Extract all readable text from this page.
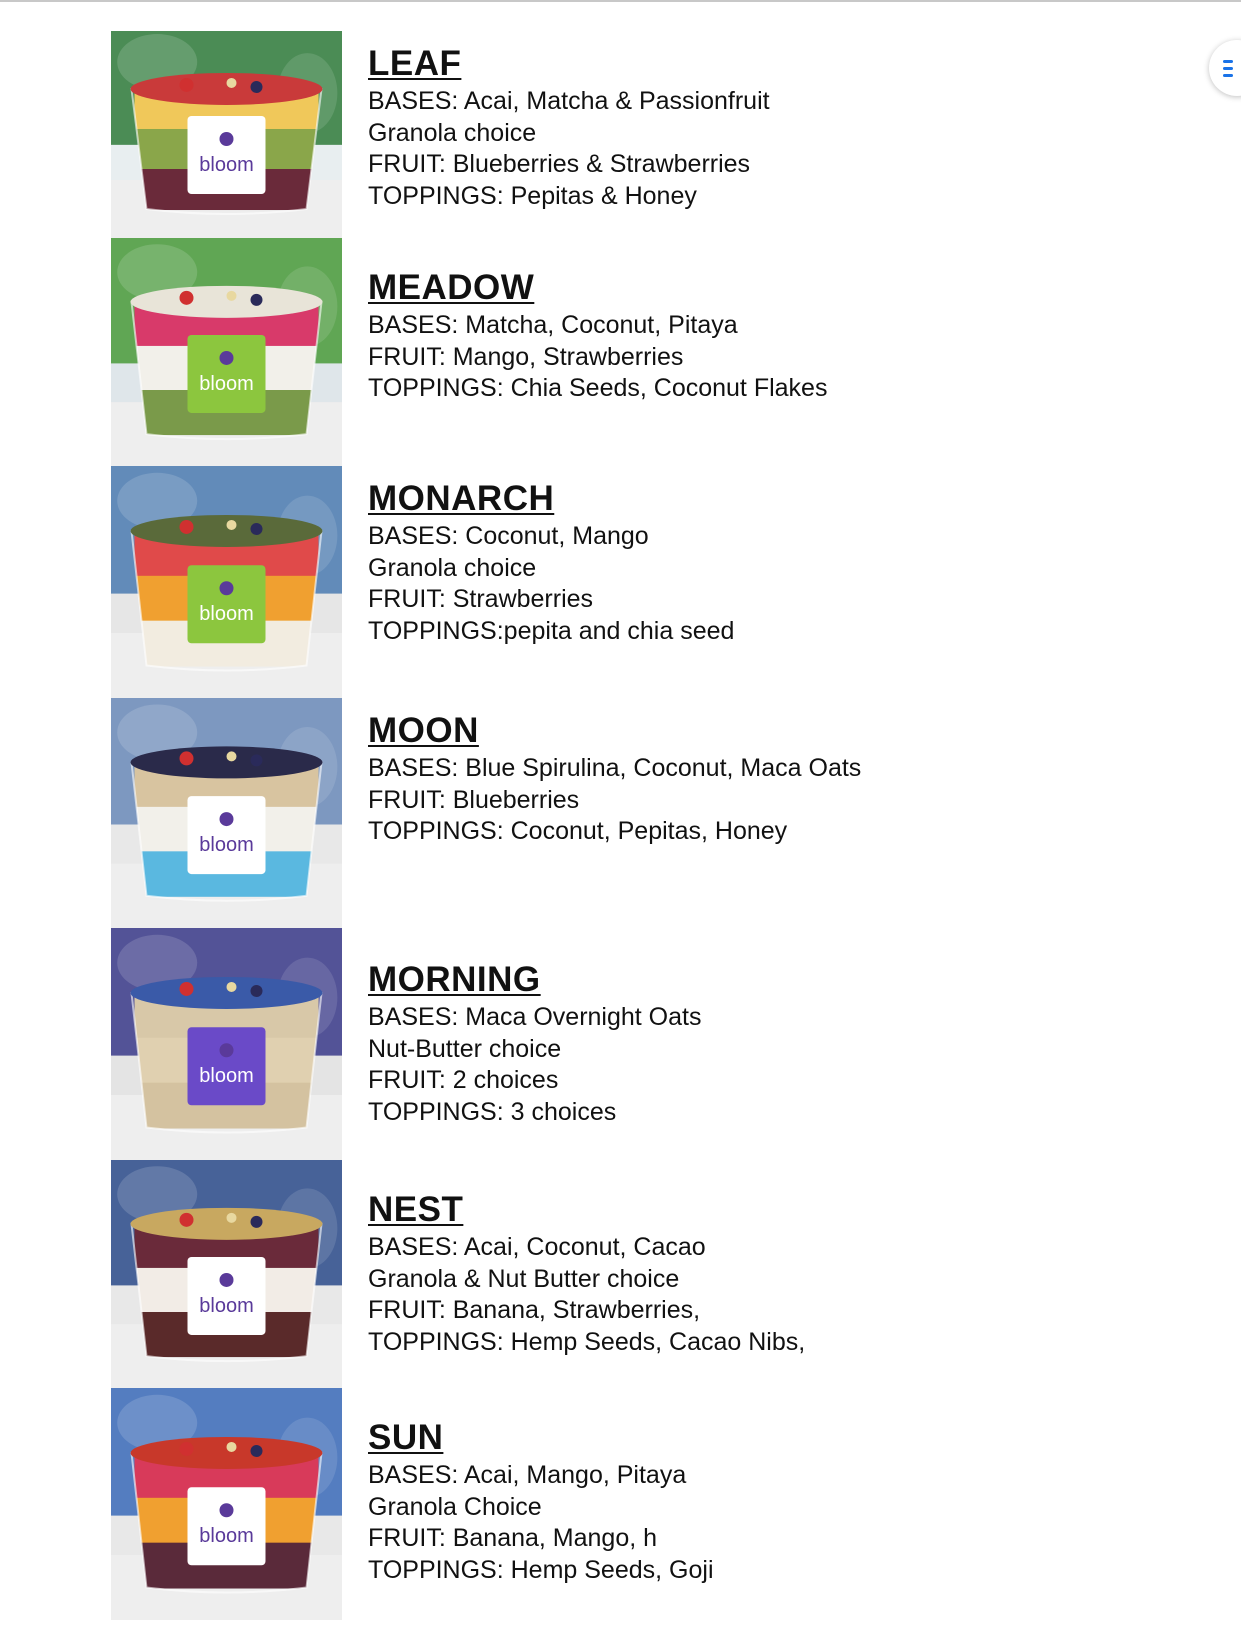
bloom
LEAF
BASES: Acai, Matcha & Passionfruit
Granola choice
FRUIT: Blueberries & Strawberries
TOPPINGS: Pepitas & Honey
bloom
MEADOW
BASES: Matcha, Coconut, Pitaya
FRUIT: Mango, Strawberries
TOPPINGS: Chia Seeds, Coconut Flakes
bloom
MONARCH
BASES: Coconut, Mango
Granola choice
FRUIT: Strawberries
TOPPINGS:pepita and chia seed
bloom
MOON
BASES: Blue Spirulina, Coconut, Maca Oats
FRUIT: Blueberries
TOPPINGS: Coconut, Pepitas, Honey
bloom
MORNING
BASES: Maca Overnight Oats
Nut-Butter choice
FRUIT: 2 choices
TOPPINGS: 3 choices
bloom
NEST
BASES: Acai, Coconut, Cacao
Granola & Nut Butter choice
FRUIT: Banana, Strawberries,
TOPPINGS: Hemp Seeds, Cacao Nibs,
bloom
SUN
BASES: Acai, Mango, Pitaya
Granola Choice
FRUIT: Banana, Mango, h
TOPPINGS: Hemp Seeds, Goji
